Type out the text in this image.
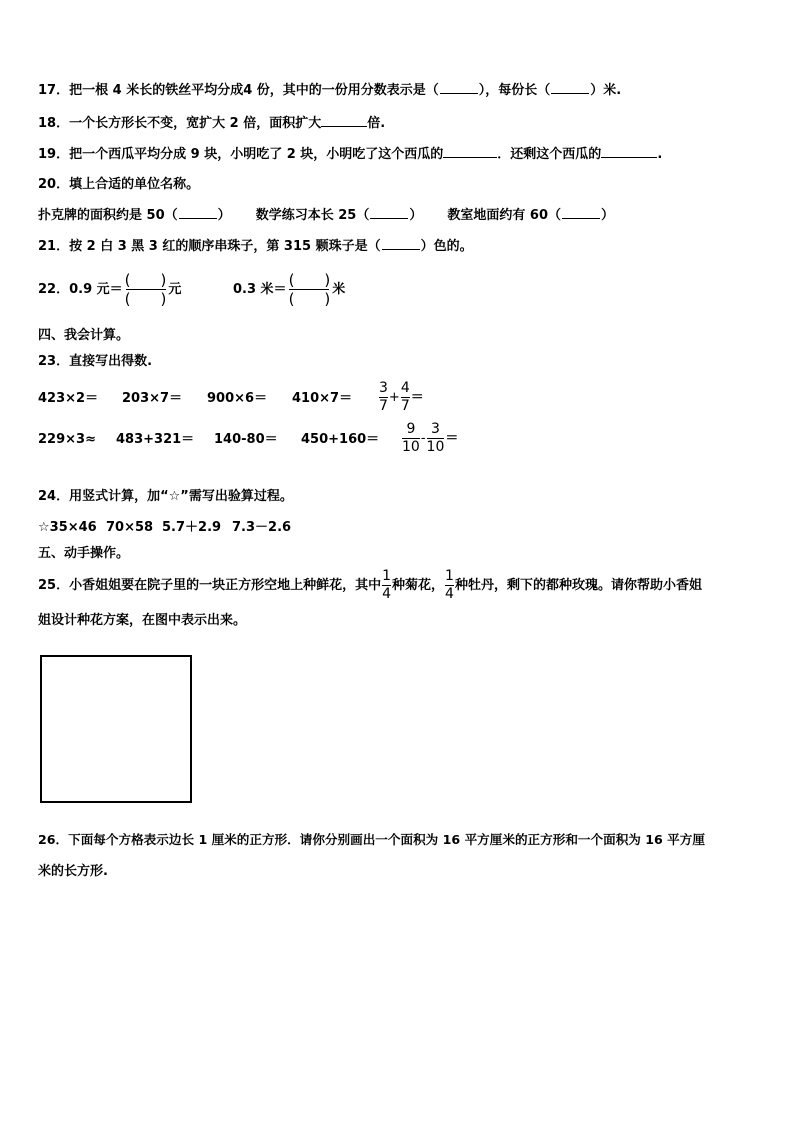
17．把一根 4 米长的铁丝平均分成4 份，其中的一份用分数表示是（	），每份长（	）米.
18．一个长方形长不变，宽扩大 2 倍，面积扩大	倍.
19．把一个西瓜平均分成 9 块，小明吃了 2 块，小明吃了这个西瓜的	．还剩这个西瓜的	.
20．填上合适的单位名称。
扑克牌的面积约是 50（	） 数学练习本长 25（	） 教室地面约有 60（	）
21．按 2 白 3 黑 3 红的顺序串珠子，第 315 颗珠子是（	）色的。
22．0.9 元＝
(　　)
(　　)
元	0.3 米＝
(　　)
(　　)
米
四、我会计算。
23．直接写出得数.
$423\times 2= 203\times 7= 900\times 6= 410\times 7= \frac{3}{7} + \frac{4}{7}$ ＝
$229\times 3\approx 483+321= 140-80= 450+160= \frac{9}{10} - \frac{3}{10}$ ＝
24．用竖式计算，加“☆”需写出验算过程。
☆35×46 70×58 5.7＋2.9 7.3－2.6
五、动手操作。
25．小香姐姐要在院子里的一块正方形空地上种鲜花，其中 $\frac{1}{4}$ 种菊花， $\frac{1}{4}$ 种牡丹，剩下的都种玫瑰。请你帮助小香姐
姐设计种花方案，在图中表示出来。
26．下面每个方格表示边长 1 厘米的正方形．请你分别画出一个面积为 16 平方厘米的正方形和一个面积为 16 平方厘
米的长方形.
